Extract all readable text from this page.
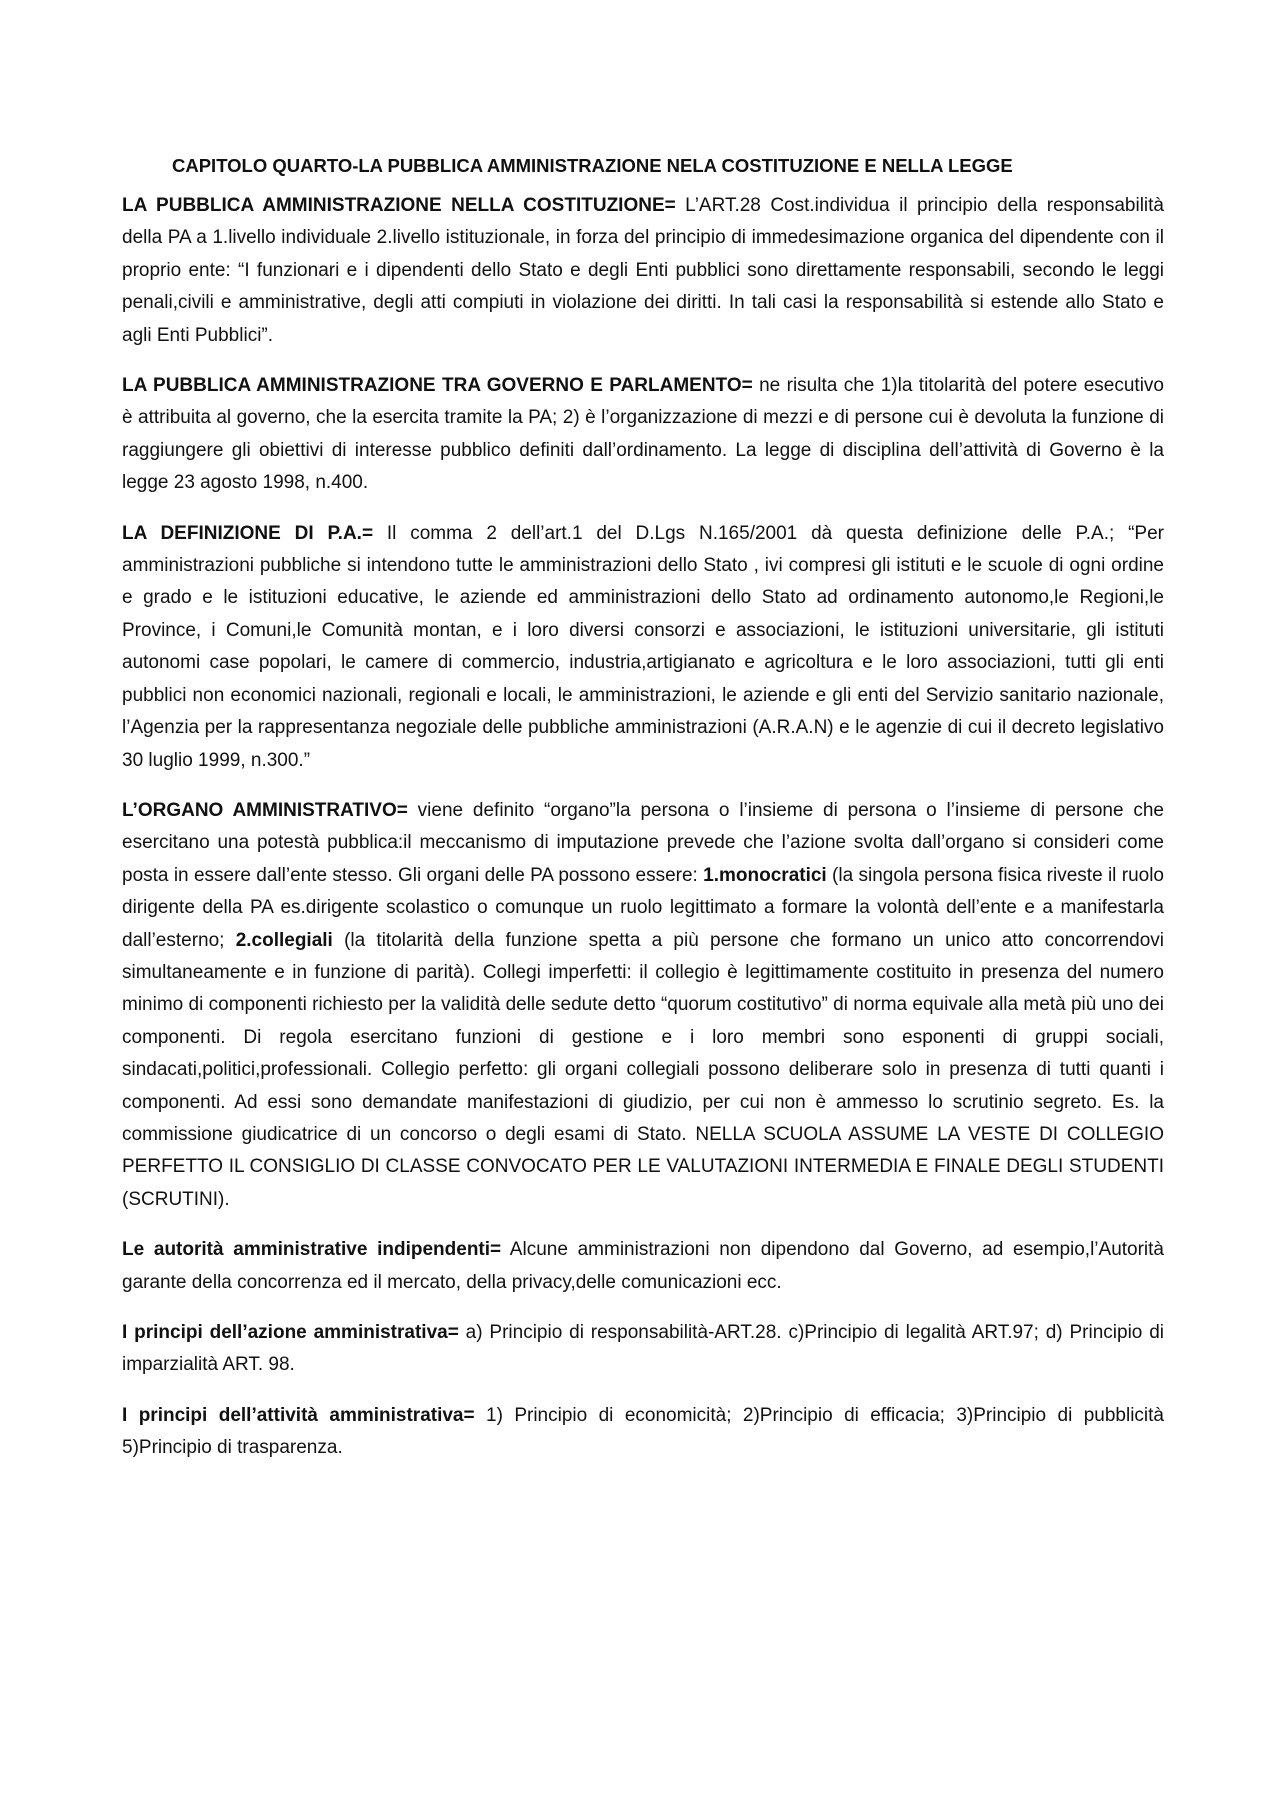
CAPITOLO QUARTO-LA PUBBLICA AMMINISTRAZIONE NELA COSTITUZIONE E NELLA LEGGE

LA PUBBLICA AMMINISTRAZIONE NELLA COSTITUZIONE= L’ART.28 Cost.individua il principio della responsabilità della PA a 1.livello individuale 2.livello istituzionale, in forza del principio di immedesimazione organica del dipendente con il proprio ente: “I funzionari e i dipendenti dello Stato e degli Enti pubblici sono direttamente responsabili, secondo le leggi penali,civili e amministrative, degli atti compiuti in violazione dei diritti. In tali casi la responsabilità si estende allo Stato e agli Enti Pubblici”.

LA PUBBLICA AMMINISTRAZIONE TRA GOVERNO E PARLAMENTO= ne risulta che 1)la titolarità del potere esecutivo è attribuita al governo, che la esercita tramite la PA; 2) è l’organizzazione di mezzi e di persone cui è devoluta la funzione di raggiungere gli obiettivi di interesse pubblico definiti dall’ordinamento. La legge di disciplina dell’attività di Governo è la legge 23 agosto 1998, n.400.

LA DEFINIZIONE DI P.A.= Il comma 2 dell’art.1 del D.Lgs N.165/2001 dà questa definizione delle P.A.; “Per amministrazioni pubbliche si intendono tutte le amministrazioni dello Stato , ivi compresi gli istituti e le scuole di ogni ordine e grado e le istituzioni educative, le aziende ed amministrazioni dello Stato ad ordinamento autonomo,le Regioni,le Province, i Comuni,le Comunità montan, e i loro diversi consorzi e associazioni, le istituzioni universitarie, gli istituti autonomi case popolari, le camere di commercio, industria,artigianato e agricoltura e le loro associazioni, tutti gli enti pubblici non economici nazionali, regionali e locali, le amministrazioni, le aziende e gli enti del Servizio sanitario nazionale, l’Agenzia per la rappresentanza negoziale delle pubbliche amministrazioni (A.R.A.N) e le agenzie di cui il decreto legislativo 30 luglio 1999, n.300.”

L’ORGANO AMMINISTRATIVO= viene definito “organo”la persona o l’insieme di persona o l’insieme di persone che esercitano una potestà pubblica:il meccanismo di imputazione prevede che l’azione svolta dall’organo si consideri come posta in essere dall’ente stesso. Gli organi delle PA possono essere: 1.monocratici (la singola persona fisica riveste il ruolo dirigente della PA es.dirigente scolastico o comunque un ruolo legittimato a formare la volontà dell’ente e a manifestarla dall’esterno; 2.collegiali (la titolarità della funzione spetta a più persone che formano un unico atto concorrendovi simultaneamente e in funzione di parità). Collegi imperfetti: il collegio è legittimamente costituito in presenza del numero minimo di componenti richiesto per la validità delle sedute detto “quorum costitutivo” di norma equivale alla metà più uno dei componenti. Di regola esercitano funzioni di gestione e i loro membri sono esponenti di gruppi sociali, sindacati,politici,professionali. Collegio perfetto: gli organi collegiali possono deliberare solo in presenza di tutti quanti i componenti. Ad essi sono demandate manifestazioni di giudizio, per cui non è ammesso lo scrutinio segreto. Es. la commissione giudicatrice di un concorso o degli esami di Stato. NELLA SCUOLA ASSUME LA VESTE DI COLLEGIO PERFETTO IL CONSIGLIO DI CLASSE CONVOCATO PER LE VALUTAZIONI INTERMEDIA E FINALE DEGLI STUDENTI (SCRUTINI).

Le autorità amministrative indipendenti= Alcune amministrazioni non dipendono dal Governo, ad esempio,l’Autorità garante della concorrenza ed il mercato, della privacy,delle comunicazioni ecc.

I principi dell’azione amministrativa= a) Principio di responsabilità-ART.28. c)Principio di legalità ART.97; d) Principio di imparzialità ART. 98.

I principi dell’attività amministrativa= 1) Principio di economicità; 2)Principio di efficacia; 3)Principio di pubblicità 5)Principio di trasparenza.
